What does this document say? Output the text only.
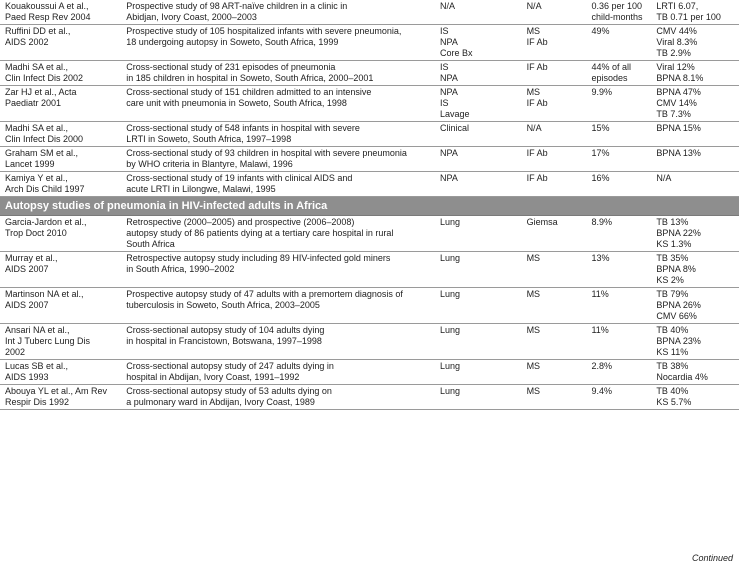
Kouakoussui A et al.,
Paed Resp Rev 2004	Prospective study of 98 ART-naïve children in a clinic in
Abidjan, Ivory Coast, 2000–2003	N/A	N/A	0.36 per 100
child-months	LRTI 6.07,
TB 0.71 per 100

Ruffini DD et al.,
AIDS 2002	Prospective study of 105 hospitalized infants with severe pneumonia,
18 undergoing autopsy in Soweto, South Africa, 1999	IS
NPA
Core Bx	MS
IF Ab	49%	CMV 44%
Viral 8.3%
TB 2.9%

Madhi SA et al.,
Clin Infect Dis 2002	Cross-sectional study of 231 episodes of pneumonia
in 185 children in hospital in Soweto, South Africa, 2000–2001	IS
NPA	IF Ab	44% of all
episodes	Viral 12%
BPNA 8.1%

Zar HJ et al., Acta
Paediatr 2001	Cross-sectional study of 151 children admitted to an intensive
care unit with pneumonia in Soweto, South Africa, 1998	NPA
IS
Lavage	MS
IF Ab	9.9%	BPNA 47%
CMV 14%
TB 7.3%

Madhi SA et al.,
Clin Infect Dis 2000	Cross-sectional study of 548 infants in hospital with severe
LRTI in Soweto, South Africa, 1997–1998	Clinical	N/A	15%	BPNA 15%

Graham SM et al.,
Lancet 1999	Cross-sectional study of 93 children in hospital with severe pneumonia
by WHO criteria in Blantyre, Malawi, 1996	NPA	IF Ab	17%	BPNA 13%

Kamiya Y et al.,
Arch Dis Child 1997	Cross-sectional study of 19 infants with clinical AIDS and
acute LRTI in Lilongwe, Malawi, 1995	NPA	IF Ab	16%	N/A

Autopsy studies of pneumonia in HIV-infected adults in Africa					

Garcia-Jardon et al.,
Trop Doct 2010	Retrospective (2000–2005) and prospective (2006–2008)
autopsy study of 86 patients dying at a tertiary care hospital in rural
South Africa	Lung	Giemsa	8.9%	TB 13%
BPNA 22%
KS 1.3%

Murray et al.,
AIDS 2007	Retrospective autopsy study including 89 HIV-infected gold miners
in South Africa, 1990–2002	Lung	MS	13%	TB 35%
BPNA 8%
KS 2%

Martinson NA et al.,
AIDS 2007	Prospective autopsy study of 47 adults with a premortem diagnosis of
tuberculosis in Soweto, South Africa, 2003–2005	Lung	MS	11%	TB 79%
BPNA 26%
CMV 66%

Ansari NA et al.,
Int J Tuberc Lung Dis
2002	Cross-sectional autopsy study of 104 adults dying
in hospital in Francistown, Botswana, 1997–1998	Lung	MS	11%	TB 40%
BPNA 23%
KS 11%

Lucas SB et al.,
AIDS 1993	Cross-sectional autopsy study of 247 adults dying in
hospital in Abdijan, Ivory Coast, 1991–1992	Lung	MS	2.8%	TB 38%
Nocardia 4%

Abouya YL et al., Am Rev
Respir Dis 1992	Cross-sectional autopsy study of 53 adults dying on
a pulmonary ward in Abdijan, Ivory Coast, 1989	Lung	MS	9.4%	TB 40%
KS 5.7%
Continued
